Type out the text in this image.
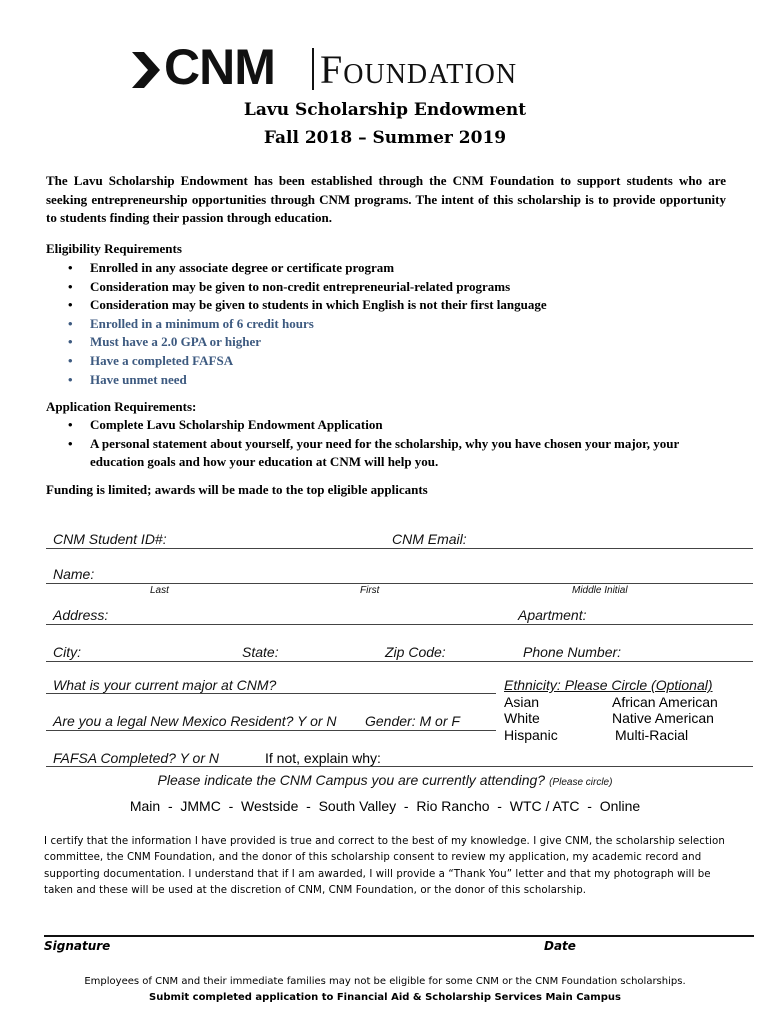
CNM Foundation
Lavu Scholarship Endowment
Fall 2018 – Summer 2019
The Lavu Scholarship Endowment has been established through the CNM Foundation to support students who are seeking entrepreneurship opportunities through CNM programs. The intent of this scholarship is to provide opportunity to students finding their passion through education.
Eligibility Requirements
• Enrolled in any associate degree or certificate program
• Consideration may be given to non-credit entrepreneurial-related programs
• Consideration may be given to students in which English is not their first language
• Enrolled in a minimum of 6 credit hours
• Must have a 2.0 GPA or higher
• Have a completed FAFSA
• Have unmet need
Application Requirements:
• Complete Lavu Scholarship Endowment Application
• A personal statement about yourself, your need for the scholarship, why you have chosen your major, your education goals and how your education at CNM will help you.
Funding is limited; awards will be made to the top eligible applicants
CNM Student ID#:	CNM Email:
Name:
Last	First	Middle Initial
Address:	Apartment:
City:	State:	Zip Code:	Phone Number:
What is your current major at CNM?
Are you a legal New Mexico Resident? Y or N Gender: M or F
Ethnicity: Please Circle (Optional)
Asian	African American
White	Native American
Hispanic	Multi-Racial
FAFSA Completed? Y or N	If not, explain why:
Please indicate the CNM Campus you are currently attending? (Please circle)
Main  -  JMMC  -  Westside  -  South Valley  -  Rio Rancho  -  WTC / ATC  -  Online
I certify that the information I have provided is true and correct to the best of my knowledge. I give CNM, the scholarship selection
committee, the CNM Foundation, and the donor of this scholarship consent to review my application, my academic record and
supporting documentation. I understand that if I am awarded, I will provide a “Thank You” letter and that my photograph will be
taken and these will be used at the discretion of CNM, CNM Foundation, or the donor of this scholarship.
Signature	Date
Employees of CNM and their immediate families may not be eligible for some CNM or the CNM Foundation scholarships.
Submit completed application to Financial Aid & Scholarship Services Main Campus
